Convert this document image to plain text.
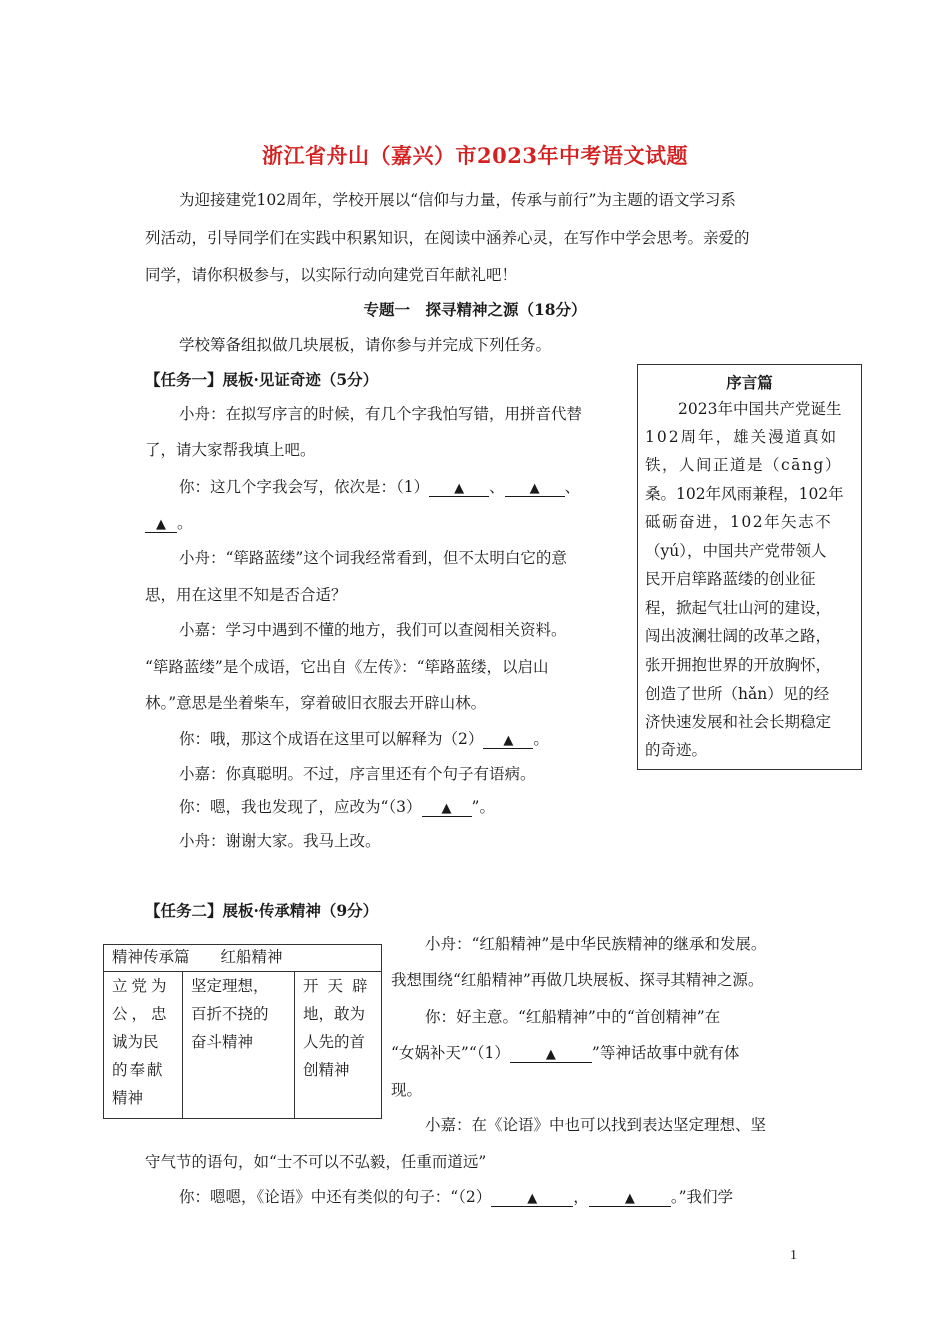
浙江省舟山（嘉兴）市2023年中考语文试题
为迎接建党102周年，学校开展以“信仰与力量，传承与前行”为主题的语文学习系
列活动，引导同学们在实践中积累知识，在阅读中涵养心灵，在写作中学会思考。亲爱的
同学，请你积极参与，以实际行动向建党百年献礼吧！
专题一　探寻精神之源（18分）
学校筹备组拟做几块展板，请你参与并完成下列任务。
【任务一】展板·见证奇迹（5分）
小舟：在拟写序言的时候，有几个字我怕写错，用拼音代替
了，请大家帮我填上吧。
你：这几个字我会写，依次是：（1） ▲ 、 ▲ 、
▲ 。
小舟：“筚路蓝缕”这个词我经常看到，但不太明白它的意
思，用在这里不知是否合适？
小嘉：学习中遇到不懂的地方，我们可以查阅相关资料。
“筚路蓝缕”是个成语，它出自《左传》：“筚路蓝缕，以启山
林。”意思是坐着柴车，穿着破旧衣服去开辟山林。
你：哦，那这个成语在这里可以解释为（2） ▲ 。
小嘉：你真聪明。不过，序言里还有个句子有语病。
你：嗯，我也发现了，应改为“（3） ▲ ”。
小舟：谢谢大家。我马上改。
序言篇
2023年中国共产党诞生
102周年，雄关漫道真如
铁，人间正道是（cāng）
桑。102年风雨兼程，102年
砥砺奋进，102年矢志不
（yú），中国共产党带领人
民开启筚路蓝缕的创业征
程，掀起气壮山河的建设，
闯出波澜壮阔的改革之路，
张开拥抱世界的开放胸怀，
创造了世所（hǎn）见的经
济快速发展和社会长期稳定
的奇迹。
【任务二】展板·传承精神（9分）
精神传承篇　　红船精神

立党为
公，忠
诚为民
的奉献
精神

坚定理想，
百折不挠的
奋斗精神

开天辟
地，敢为
人先的首
创精神
小舟：“红船精神”是中华民族精神的继承和发展。
我想围绕“红船精神”再做几块展板、探寻其精神之源。
你：好主意。“红船精神”中的“首创精神”在
“女娲补天”“（1）	▲ ”等神话故事中就有体
现。
小嘉：在《论语》中也可以找到表达坚定理想、坚
守气节的语句，如“士不可以不弘毅，任重而道远”
你：嗯嗯，《论语》中还有类似的句子：“（2）	▲ ，	▲ 。”我们学
1
